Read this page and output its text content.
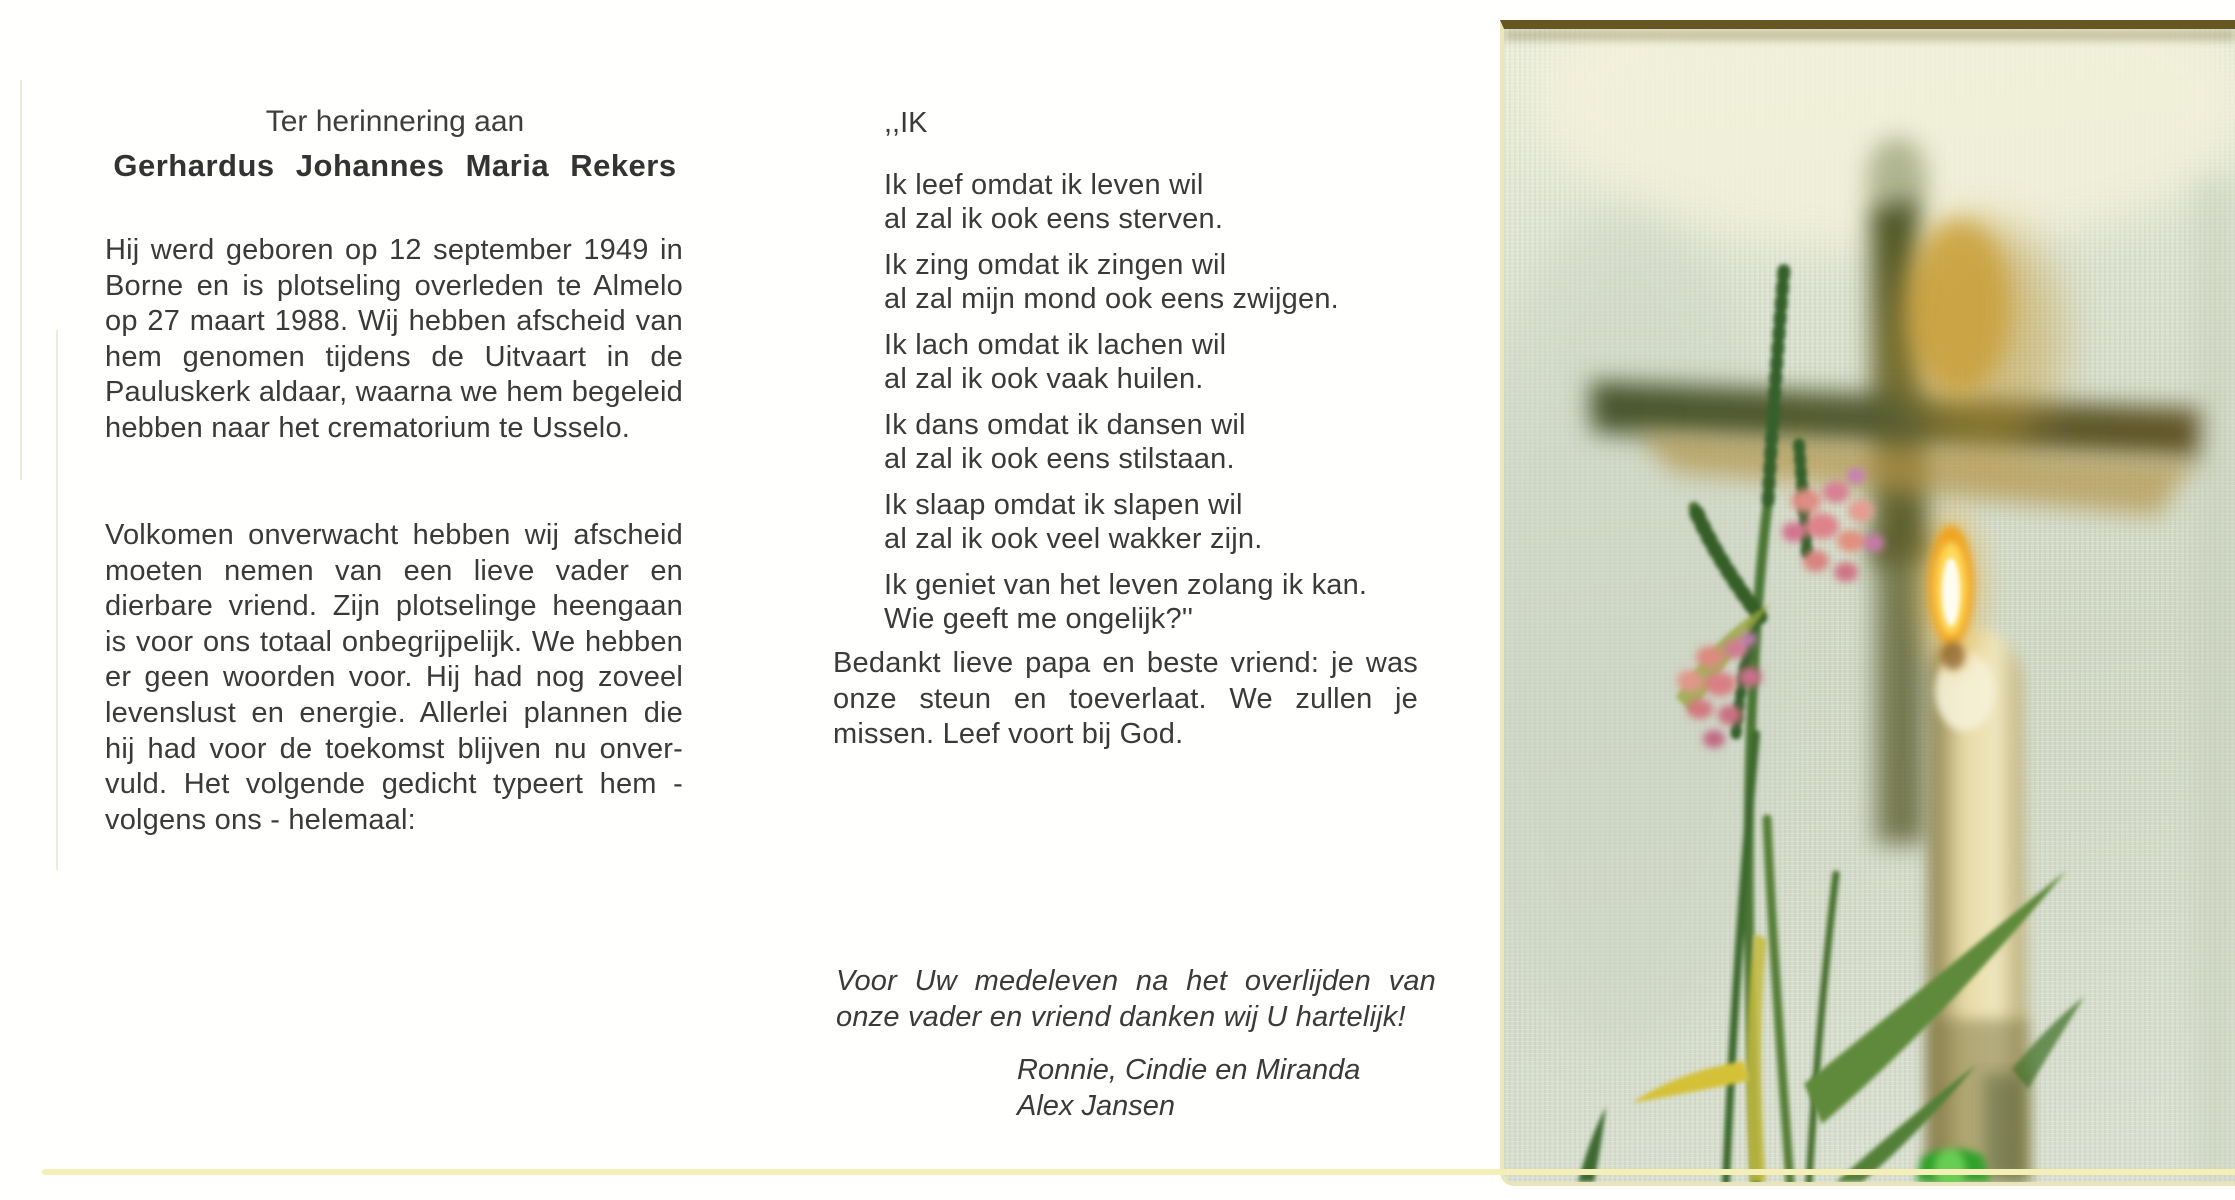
Ter herinnering aan

Gerhardus Johannes Maria Rekers

Hij werd geboren op 12 september 1949 in Borne en is plotseling overleden te Almelo op 27 maart 1988. Wij hebben afscheid van hem genomen tijdens de Uitvaart in de Pauluskerk aldaar, waarna we hem begeleid hebben naar het crematorium te Usselo.

Volkomen onverwacht hebben wij afscheid moeten nemen van een lieve vader en dierbare vriend. Zijn plotselinge heengaan is voor ons totaal onbegrijpelijk. We hebben er geen woorden voor. Hij had nog zoveel levenslust en energie. Allerlei plannen die hij had voor de toekomst blijven nu onver-vuld. Het volgende gedicht typeert hem - volgens ons - helemaal:

,,IK

Ik leef omdat ik leven wil

al zal ik ook eens sterven.

Ik zing omdat ik zingen wil

al zal mijn mond ook eens zwijgen.

Ik lach omdat ik lachen wil

al zal ik ook vaak huilen.

Ik dans omdat ik dansen wil

al zal ik ook eens stilstaan.

Ik slaap omdat ik slapen wil

al zal ik ook veel wakker zijn.

Ik geniet van het leven zolang ik kan.

Wie geeft me ongelijk?''

Bedankt lieve papa en beste vriend: je was onze steun en toeverlaat. We zullen je missen. Leef voort bij God.

Voor Uw medeleven na het overlijden van onze vader en vriend danken wij U hartelijk!

Ronnie, Cindie en Miranda

Alex Jansen
